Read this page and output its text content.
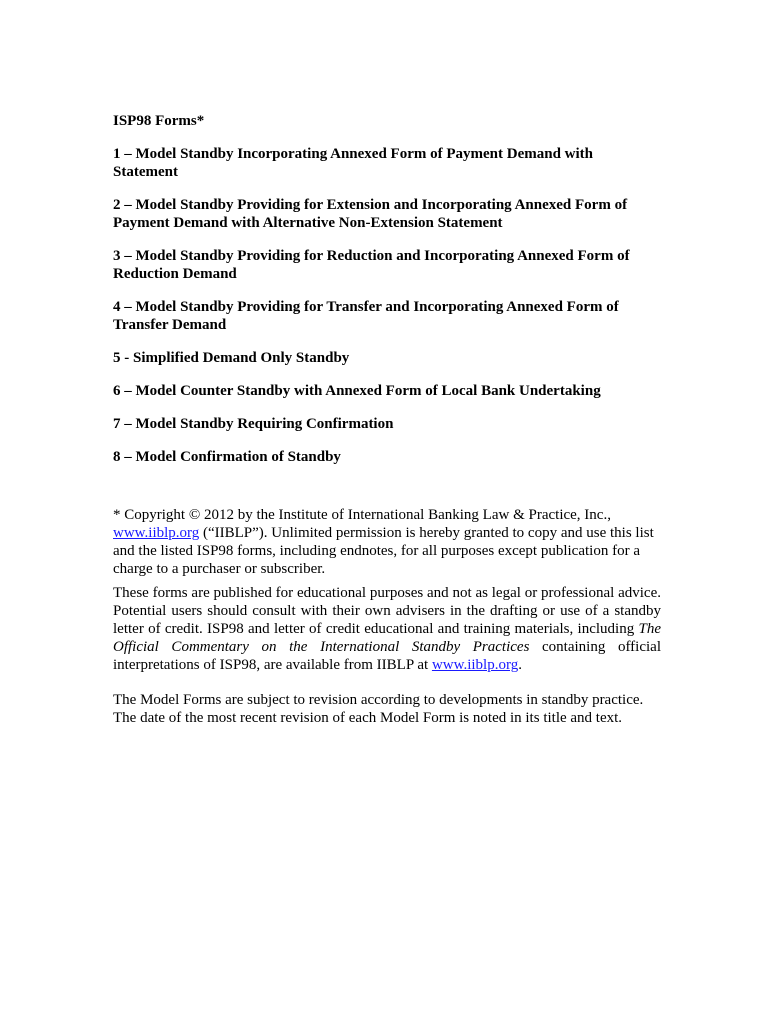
ISP98 Forms*

1 – Model Standby Incorporating Annexed Form of Payment Demand with Statement
2 – Model Standby Providing for Extension and Incorporating Annexed Form of Payment Demand with Alternative Non-Extension Statement
3 – Model Standby Providing for Reduction and Incorporating Annexed Form of Reduction Demand
4 – Model Standby Providing for Transfer and Incorporating Annexed Form of Transfer Demand
5 - Simplified Demand Only Standby
6 – Model Counter Standby with Annexed Form of Local Bank Undertaking
7 – Model Standby Requiring Confirmation
8 – Model Confirmation of Standby

* Copyright © 2012 by the Institute of International Banking Law & Practice, Inc., www.iiblp.org (“IIBLP”). Unlimited permission is hereby granted to copy and use this list and the listed ISP98 forms, including endnotes, for all purposes except publication for a charge to a purchaser or subscriber.

These forms are published for educational purposes and not as legal or professional advice. Potential users should consult with their own advisers in the drafting or use of a standby letter of credit. ISP98 and letter of credit educational and training materials, including The Official Commentary on the International Standby Practices containing official interpretations of ISP98, are available from IIBLP at www.iiblp.org.

The Model Forms are subject to revision according to developments in standby practice. The date of the most recent revision of each Model Form is noted in its title and text.
